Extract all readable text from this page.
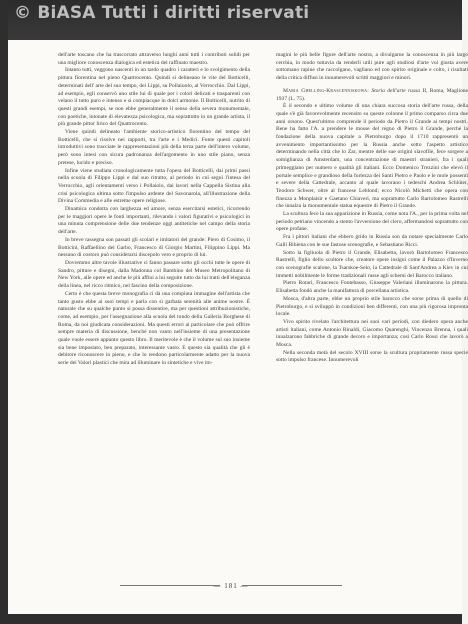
© BiASA Tutti i diritti riservati

dell'arte toscano che ha trascorrato attraverso lunghi anni tutti i contributi solidi per una migliore conoscenza dialogica ed estetica del raffinato maestro.

Intanto tutti, veggono nascenti in un tardo quadro i caratteri e lo svolgimento della pittura fiorentina nel pieno Quattrocento. Quindi si delineano le vite del Botticelli, determinati dell' arte del suo tempo, dei Lippi, su Pollaiuolo, al Verrocchio. Dal Lippi, ad esempio, egli conservò uno stile lui di quale per i colori delicati e trasparenti con velano il tutto puro e intenso e si compiacque in dolci armonie. Il Botticelli, nutrito di questi grandi esempi, se non ebbe generalmente il senso della severa monumentale, con poetiche, intonate di elevatezza psicologica, ma soprattutto in un grande artista, il più grande pittor lirico del Quattrocento.

Viene quindi delineato l'ambiente storico-artistico fiorentino del tempo del Botticelli, che si risolve nei rapporti, tra l'arte e i Medici. Fonte questi capitoli introduttivi sono tracciate le rappresentazioni più della terza parte dell'intero volume, però sono intesi con sicura padronanza dell'argomento in uno stile piano, senza pretese, lucido e preciso.

Infine viene studiata cronologicamente tutta l'opera del Botticelli, dai primi passi nella scuola di Filippo Lippi e dal suo ritratto, al periodo in cui seguì l'intesa del Verrocchio, agli orientamenti verso i Pollaiolo, dai lavori nella Cappella Sistina alla crisi psicologica ultima sotto l'impulso ardente del Savonarola, all'illustrazione della Divina Commedia e alle estreme opere religiose.

Dinamica condotta con larghezza ed amore, senza esercitarsi estetici, ricorrendo per le maggiori opere le fonti importanti, rilevando i valori figurativi e psicologici in una minuta comprensione delle due tendenze oggi antitetiche nel campo della storia dell'arte.

In breve rassegna son passati gli scolari e imitatori del grande: Piero di Cosimo, il Botticini, Raffaellino del Garbo, Francesco di Giorgio Martini, Filippino Lippi. Ma nessuno di costoro può considerarsi discepolo vero e proprio di lui.

Dovremmo altre tavole illustrative ci fanno passare sotto gli occhi tutte le opere di Sandro, pitture e disegni, dalla Madonna col Bambino del Museo Metropolitano di New York, alle opere ed anche le più affini a lui seguite tutto da lui tratti dell'eleganza della linea, nel ricco ritmico, nel fascino della composizione.

Certo è che questa breve monografia ci dà una compiuta immagine dell'artista che tanto gusto ebbe ai suoi tempi e parla con sì garbata serenità alle anime nostre. È naturale che su qualche punto si possa dissentire, ma per questioni attribuzionistiche, come, ad esempio, per l'assegnazione alla scuola del tondo della Galleria Borghese di Roma, da noi giudicata considerazioni. Ma questi errori ai particolare che può offrire sempre materia di discussione, benché non vanto nell'insieme di una presentazione quale vuole essere appunto questo libro. Il meritevole è che il volume sul suo insieme sia bene impostato, ben preparato, interessante vasto. E questo sia qualità che gli è debitore riconoscere in pieno, e che lo rendono particolarmente adatto per la nuova serie dei Valori plastici che mira ad illuminare in sintetiche e vive im-

magini le più belle figure dell'arte nostra, a divulgarne la conoscenza in più largo cerchia, in modo tuttavia da renderli utili pure agli studiosi d'arte voi giusta avere sottomano rapine che raccolgano, vagliano ed con spirito originale e colto, i risultati della critica diffusi in innumerevoli scritti maggiori e minori.

Maria Ghelling-Krascenniskowa: Storia dell'arte russa II, Roma, Maglione 1937 (L. 75).

È il secondo e ultimo volume di una chiara succosa storia dell'arte russa, della quale s'è già favorevolmente recensito su queste colonne il primo comparso circa due anni orsono. Quest'ultimo comprende il periodo da Pietro il Grande ai tempi nostri. Bene ha fatto l'A. a prendere le mosse del regno di Pietro il Grande, perché la fondazione della nuova capitale a Pietroburgo dopo il 1710 rappresentò un avvenimento importantissimo per la Russia anche sotto l'aspetto artistico determinando nella città che lo Zar, mentre delle sue origini slavofile, fece sorgere a somiglianza di Amsterdam, una concentrazione di maestri stranieri, fra i quali primeggiano per numero e qualità gli italiani. Ecco Domenico Trezzini che elevò il portale semplice e grandioso della fortezza dei Santi Pietro e Paolo e le mole possenti e severe della Cattedrale, accanto al quale lavorano i tedeschi Andrea Schlüter, Teodoro Schwer, oltre al francese Leblond; ecco Nicolò Michetti che opera con finezza a Monplaisir e Gaetano Chiaveri, ma soprattutto Carlo Bartolomeo Rastrelli che innalza la monumentale statua equestre di Pietro il Grande.

La scultura fece la sua apparizione in Russia, come nota l'A., per la prima volta nel periodo petriano vincendo a stento l'avversione del clero, affermandosi soprattutto con opere profane.

Fra i pittori italiani che ebbero grido in Russia son da notare specialmente Carlo Galli Bibiena con le sue fastose scenografie, e Sebastiano Ricci.

Sotto la figliuola di Pietro il Grande, Elisabetta, lavorò Bartolomeo Francesco Rastrelli, figlio dello scultore che, creatore opere insigni come il Palazzo d'Inverno con scenografie scalone, la Tsarskoe-Selo, la Cattedrale di Sant'Andrea a Kiev in cui immetti nobilmente le forme tradizionali russe agli schemi del Barocco italiano.

Pietro Rotari, Francesco Fontebasso, Giuseppe Valeriani illuminarono la pittura. Elisabetta fondò anche la manifattura di porcellana artistica.

Mosca, d'altra parte, ebbe un proprio stile barocco che sorse prima di quello di Pietroburgo, e si sviluppò in condizioni ben differenti, con una più rigorosa impronta locale.

Vivo spirito rivelato l'architettura nei suoi vari periodi, con diedero opera anche artisti italiani, come Antonio Rinaldi, Giacomo Quarenghi, Vincenzo Brenna, i quali innalzarono fabbriche di grande decoro e importanza; così Carlo Rossi che lavorò a Mosca.

Nella seconda metà del secolo XVIII sorse la scultura propriamente russa specie sotto impulso francese. Innumerevoli

— 181 —
